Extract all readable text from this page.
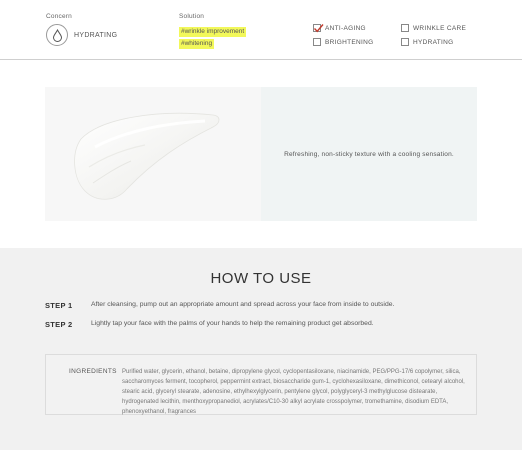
Concern
HYDRATING
Solution
#wrinkle improvement
#whitening
ANTI-AGING
BRIGHTENING
WRINKLE CARE
HYDRATING
Refreshing, non-sticky texture with a cooling sensation.
HOW TO USE
STEP 1	After cleansing, pump out an appropriate amount and spread across your face from inside to outside.
STEP 2	Lightly tap your face with the palms of your hands to help the remaining product get absorbed.
INGREDIENTS Purified water, glycerin, ethanol, betaine, dipropylene glycol, cyclopentasiloxane, niacinamide, PEG/PPG-17/6 copolymer, silica, saccharomyces ferment, tocopherol, peppermint extract, biosaccharide gum-1, cyclohexasiloxane, dimethiconol, cetearyl alcohol, stearic acid, glyceryl stearate, adenosine, ethylhexylglycerin, pentylene glycol, polyglyceryl-3 methylglucose distearate, hydrogenated lecithin, menthoxypropanediol, acrylates/C10-30 alkyl acrylate crosspolymer, tromethamine, disodium EDTA, phenoxyethanol, fragrances
